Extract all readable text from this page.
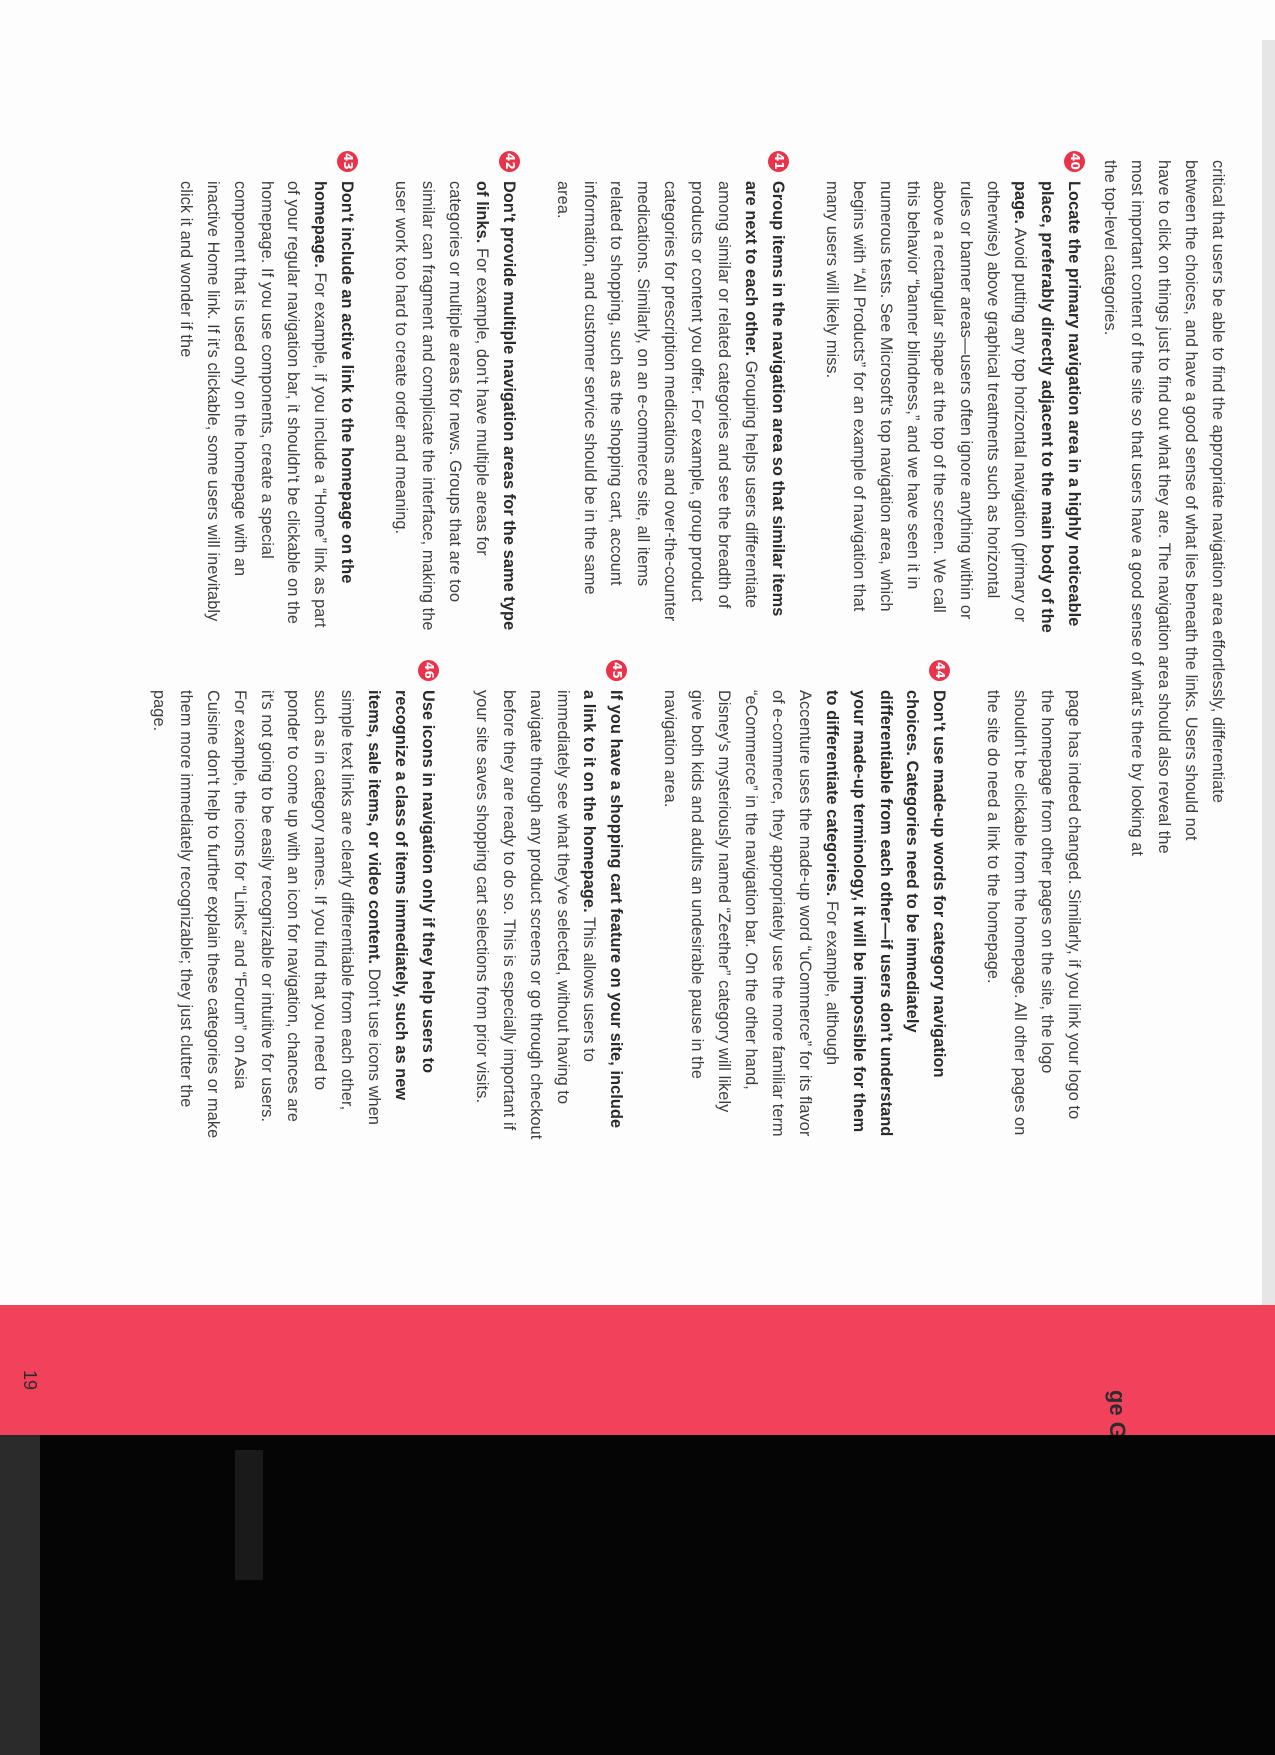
critical that users be able to find the appropriate navigation area effortlessly, differentiate
between the choices, and have a good sense of what lies beneath the links. Users should not
have to click on things just to find out what they are. The navigation area should also reveal the
most important content of the site so that users have a good sense of what's there by looking at
the top-level categories.
40

Locate the primary navigation area in a highly noticeable place, preferably directly adjacent to the main body of the page. Avoid putting any top horizontal navigation (primary or otherwise) above graphical treatments such as horizontal rules or banner areas—users often ignore anything within or above a rectangular shape at the top of the screen. We call this behavior “banner blindness,” and we have seen it in numerous tests. See Microsoft's top navigation area, which begins with “All Products” for an example of navigation that many users will likely miss.

41

Group items in the navigation area so that similar items are next to each other. Grouping helps users differentiate among similar or related categories and see the breadth of products or content you offer. For example, group product categories for prescription medications and over-the-counter medications. Similarly, on an e-commerce site, all items related to shopping, such as the shopping cart, account information, and customer service should be in the same area.

42

Don't provide multiple navigation areas for the same type of links. For example, don't have multiple areas for categories or multiple areas for news. Groups that are too similar can fragment and complicate the interface, making the user work too hard to create order and meaning.

43

Don't include an active link to the homepage on the homepage. For example, if you include a “Home” link as part of your regular navigation bar, it shouldn't be clickable on the homepage. If you use components, create a special component that is used only on the homepage with an inactive Home link. If it's clickable, some users will inevitably click it and wonder if the

page has indeed changed. Similarly, if you link your logo to the homepage from other pages on the site, the logo shouldn't be clickable from the homepage. All other pages on the site do need a link to the homepage.

44

Don't use made-up words for category navigation choices. Categories need to be immediately differentiable from each other—if users don't understand your made-up terminology, it will be impossible for them to differentiate categories. For example, although Accenture uses the made-up word “uCommerce” for its flavor of e-commerce, they appropriately use the more familiar term “eCommerce” in the navigation bar. On the other hand, Disney's mysteriously named “Zeether” category will likely give both kids and adults an undesirable pause in the navigation area.

45

If you have a shopping cart feature on your site, include a link to it on the homepage. This allows users to immediately see what they've selected, without having to navigate through any product screens or go through checkout before they are ready to do so. This is especially important if your site saves shopping cart selections from prior visits.

46

Use icons in navigation only if they help users to recognize a class of items immediately, such as new items, sale items, or video content. Don't use icons when simple text links are clearly differentiable from each other, such as in category names. If you find that you need to ponder to come up with an icon for navigation, chances are it's not going to be easily recognizable or intuitive for users. For example, the icons for “Links” and “Forum” on Asia Cuisine don't help to further explain these categories or make them more immediately recognizable; they just clutter the page.

19
